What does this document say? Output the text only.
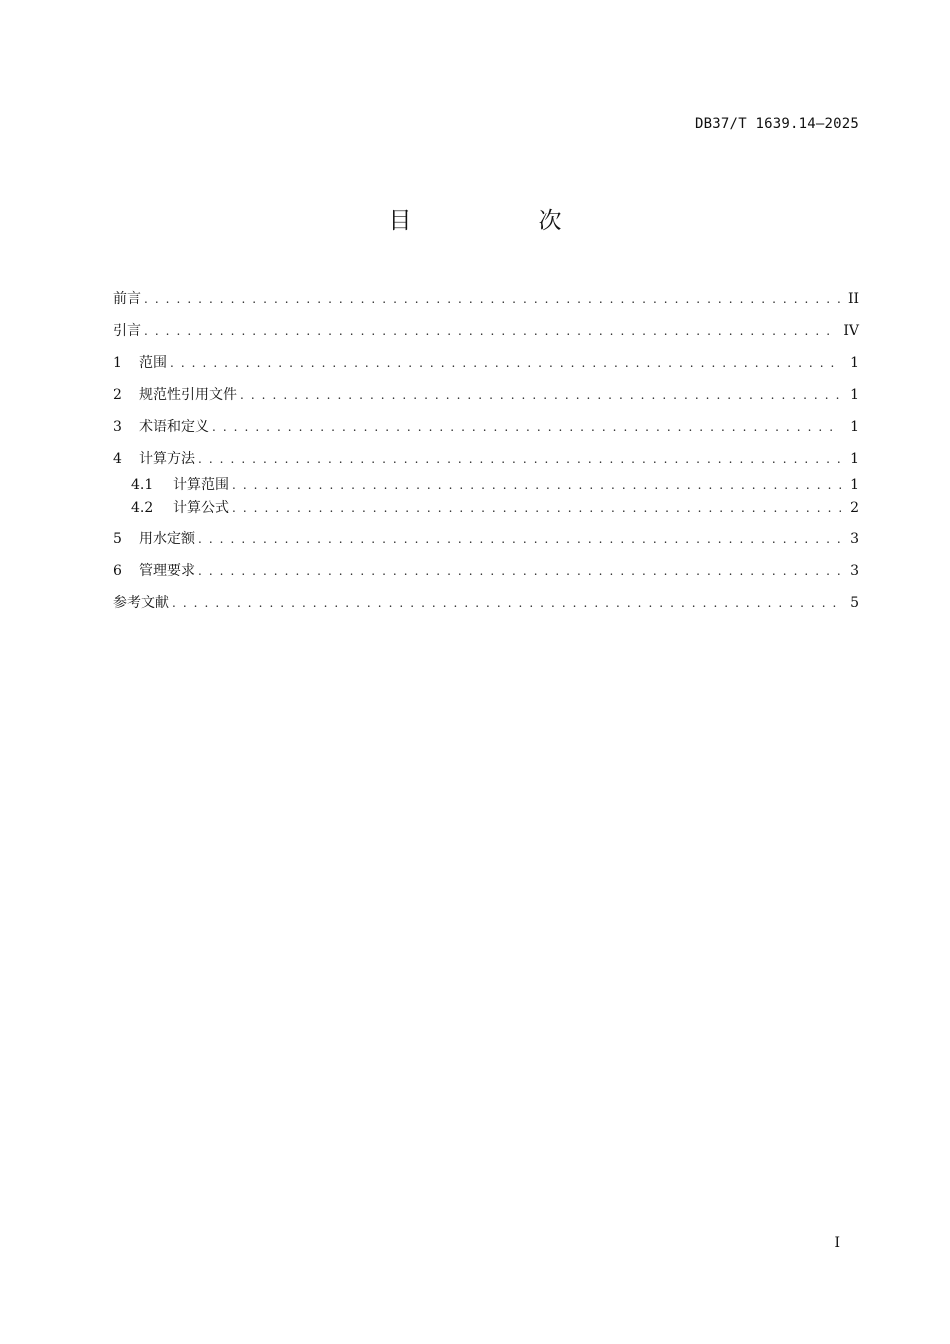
DB37/T 1639.14—2025
目　次
前言 . . .	II
引言 . . .	IV
1	范围 . . .	1
2	规范性引用文件 . . .	1
3	术语和定义 . . .	1
4	计算方法 . . .	1
4.1	计算范围 . . .	1
4.2	计算公式 . . .	2
5	用水定额 . . .	3
6	管理要求 . . .	3
参考文献 . . .	5
I
